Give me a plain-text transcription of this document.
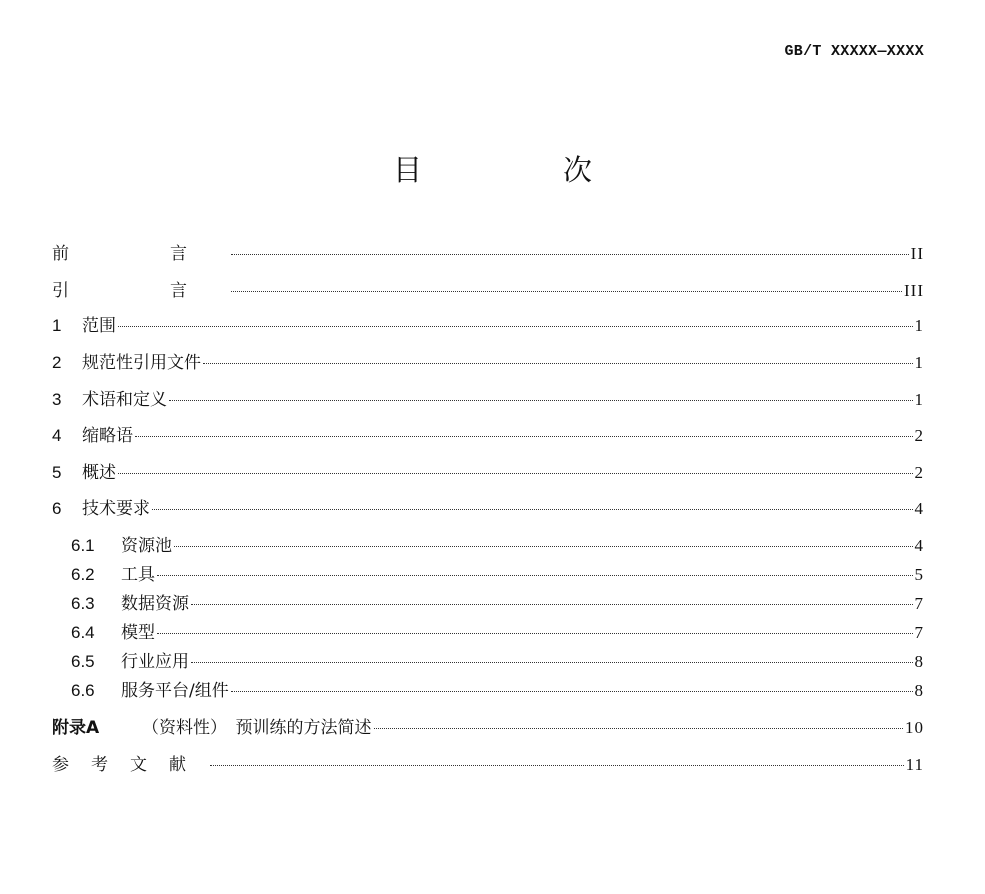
GB/T XXXXX—XXXX
目　次
前　言	II
引　言	III
1	范围	1
2	规范性引用文件	1
3	术语和定义	1
4	缩略语	2
5	概述	2
6	技术要求	4
6.1	资源池	4
6.2	工具	5
6.3	数据资源	7
6.4	模型	7
6.5	行业应用	8
6.6	服务平台/组件	8
附录A	（资料性）　预训练的方法简述	10
参考文献	11
